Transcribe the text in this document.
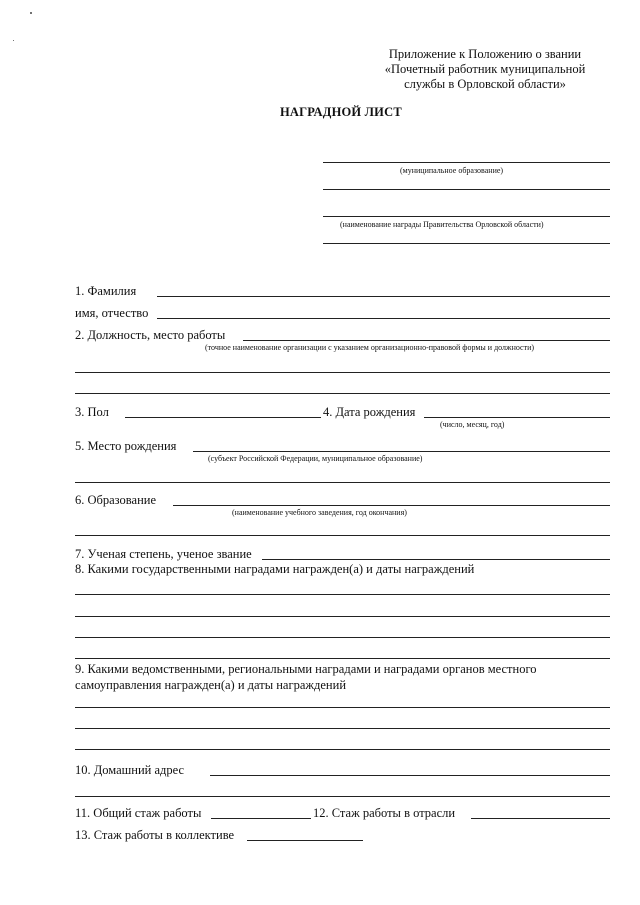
Приложение к Положению о звании
«Почетный работник муниципальной
службы в Орловской области»
НАГРАДНОЙ ЛИСТ
(муниципальное образование)
(наименование награды Правительства Орловской области)
1. Фамилия
имя, отчество
2. Должность, место работы
(точное наименование организации с указанием организационно-правовой формы и должности)
3. Пол	4. Дата рождения
(число, месяц, год)
5. Место рождения
(субъект Российской Федерации, муниципальное образование)
6. Образование
(наименование учебного заведения, год окончания)
7. Ученая степень, ученое звание
8. Какими государственными наградами награжден(а) и даты награждений
9. Какими ведомственными, региональными наградами и наградами органов местного
самоуправления награжден(а) и даты награждений
10. Домашний адрес
11. Общий стаж работы	12. Стаж работы в отрасли
13. Стаж работы в коллективе
